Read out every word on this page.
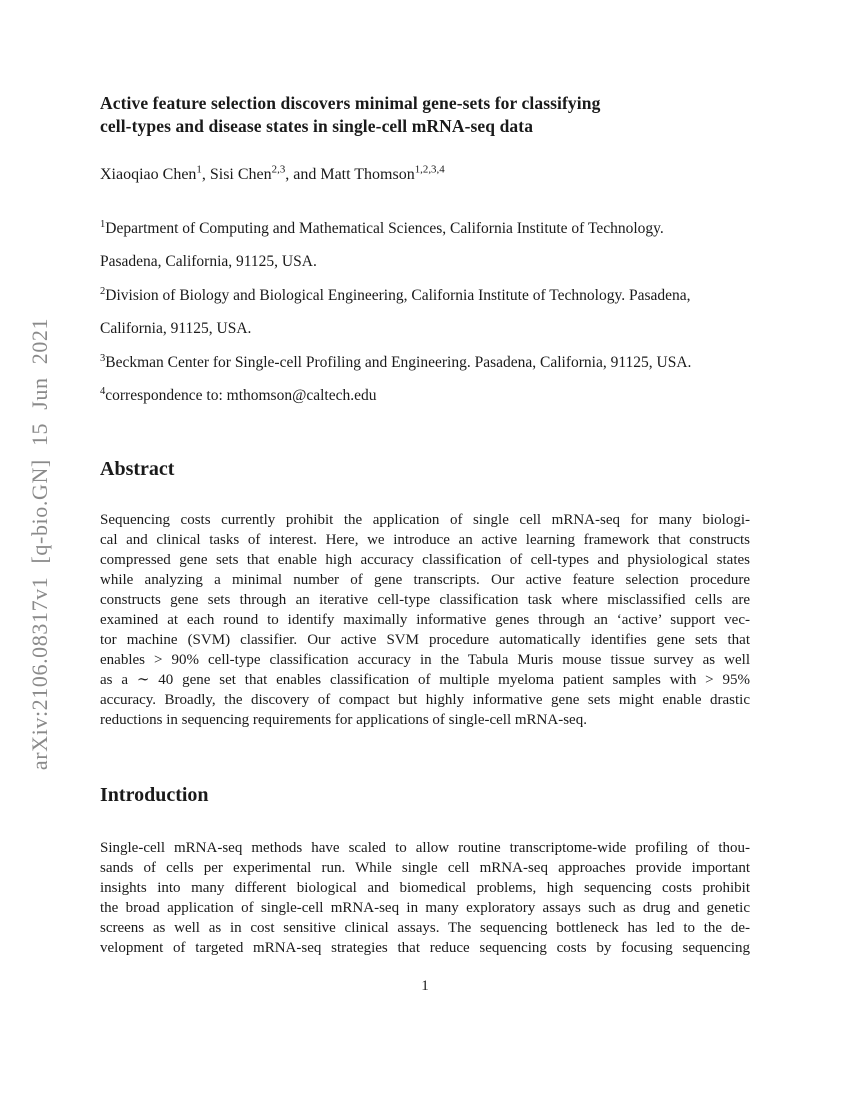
arXiv:2106.08317v1 [q-bio.GN] 15 Jun 2021
Active feature selection discovers minimal gene-sets for classifying
cell-types and disease states in single-cell mRNA-seq data
Xiaoqiao Chen$^1$, Sisi Chen$^{2,3}$, and Matt Thomson$^{1,2,3,4}$
$^1$Department of Computing and Mathematical Sciences, California Institute of Technology.
Pasadena, California, 91125, USA.
$^2$Division of Biology and Biological Engineering, California Institute of Technology. Pasadena,
California, 91125, USA.
$^3$Beckman Center for Single-cell Profiling and Engineering. Pasadena, California, 91125, USA.
$^4$correspondence to: mthomson@caltech.edu
Abstract
Sequencing costs currently prohibit the application of single cell mRNA-seq for many biologi-
cal and clinical tasks of interest. Here, we introduce an active learning framework that constructs
compressed gene sets that enable high accuracy classification of cell-types and physiological states
while analyzing a minimal number of gene transcripts. Our active feature selection procedure
constructs gene sets through an iterative cell-type classification task where misclassified cells are
examined at each round to identify maximally informative genes through an ‘active’ support vec-
tor machine (SVM) classifier. Our active SVM procedure automatically identifies gene sets that
enables > 90% cell-type classification accuracy in the Tabula Muris mouse tissue survey as well
as a ∼ 40 gene set that enables classification of multiple myeloma patient samples with > 95%
accuracy. Broadly, the discovery of compact but highly informative gene sets might enable drastic
reductions in sequencing requirements for applications of single-cell mRNA-seq.
Introduction
Single-cell mRNA-seq methods have scaled to allow routine transcriptome-wide profiling of thou-
sands of cells per experimental run. While single cell mRNA-seq approaches provide important
insights into many different biological and biomedical problems, high sequencing costs prohibit
the broad application of single-cell mRNA-seq in many exploratory assays such as drug and genetic
screens as well as in cost sensitive clinical assays. The sequencing bottleneck has led to the de-
velopment of targeted mRNA-seq strategies that reduce sequencing costs by focusing sequencing
1
